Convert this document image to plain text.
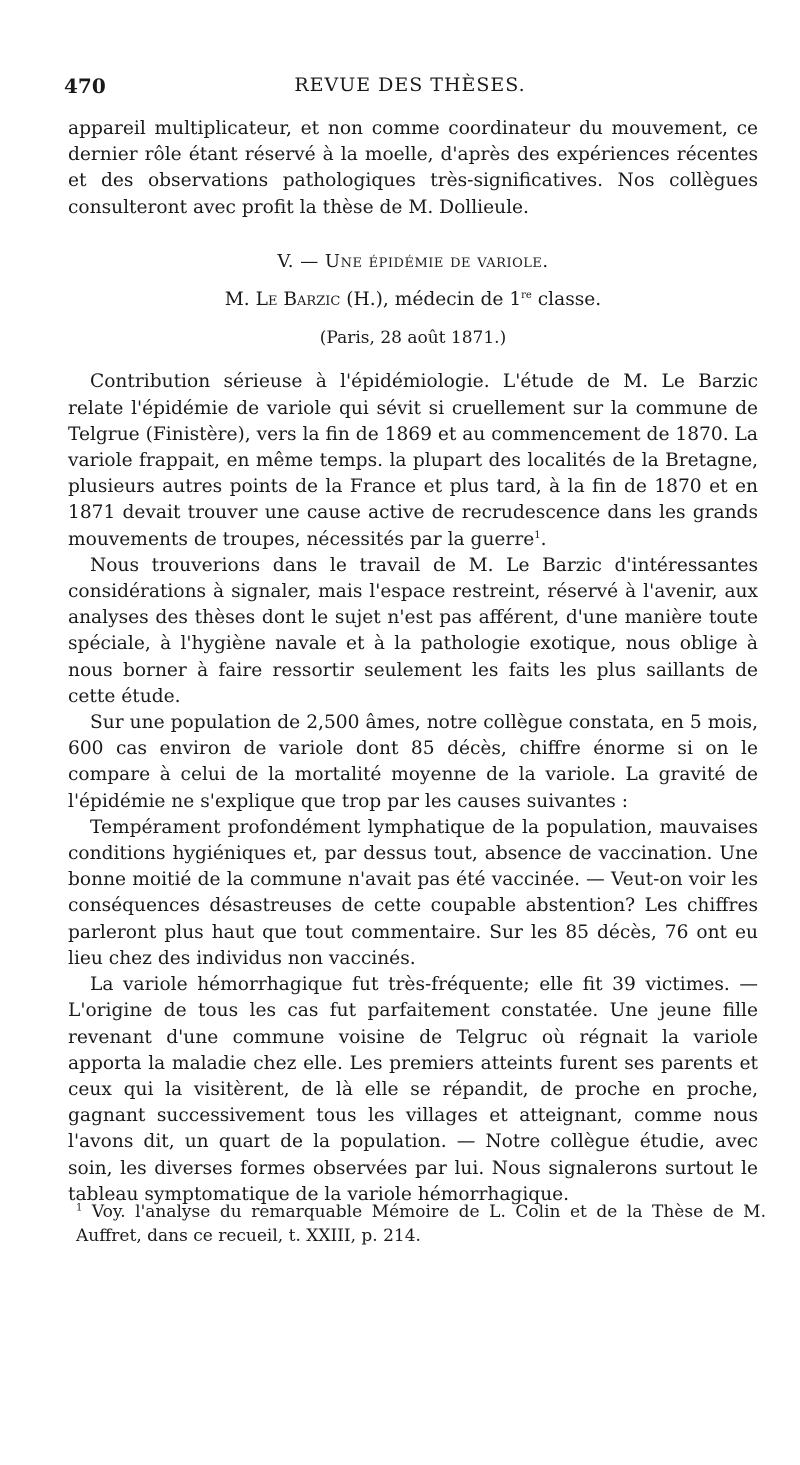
470	REVUE DES THÈSES.

appareil multiplicateur, et non comme coordinateur du mouvement, ce dernier rôle étant réservé à la moelle, d'après des expériences récentes et des observations pathologiques très-significatives. Nos collègues consulteront avec profit la thèse de M. Dollieule.

V. — Une épidémie de variole.

M. Le Barzic (H.), médecin de 1re classe.

(Paris, 28 août 1871.)

Contribution sérieuse à l'épidémiologie. L'étude de M. Le Barzic relate l'épidémie de variole qui sévit si cruellement sur la commune de Telgrue (Finistère), vers la fin de 1869 et au commencement de 1870. La variole frappait, en même temps. la plupart des localités de la Bretagne, plusieurs autres points de la France et plus tard, à la fin de 1870 et en 1871 devait trouver une cause active de recrudescence dans les grands mouvements de troupes, nécessités par la guerre$^1$.

Nous trouverions dans le travail de M. Le Barzic d'intéressantes considérations à signaler, mais l'espace restreint, réservé à l'avenir, aux analyses des thèses dont le sujet n'est pas afférent, d'une manière toute spéciale, à l'hygiène navale et à la pathologie exotique, nous oblige à nous borner à faire ressortir seulement les faits les plus saillants de cette étude.

Sur une population de 2,500 âmes, notre collègue constata, en 5 mois, 600 cas environ de variole dont 85 décès, chiffre énorme si on le compare à celui de la mortalité moyenne de la variole. La gravité de l'épidémie ne s'explique que trop par les causes suivantes :

Tempérament profondément lymphatique de la population, mauvaises conditions hygiéniques et, par dessus tout, absence de vaccination. Une bonne moitié de la commune n'avait pas été vaccinée. — Veut-on voir les conséquences désastreuses de cette coupable abstention? Les chiffres parleront plus haut que tout commentaire. Sur les 85 décès, 76 ont eu lieu chez des individus non vaccinés.

La variole hémorrhagique fut très-fréquente; elle fit 39 victimes. — L'origine de tous les cas fut parfaitement constatée. Une jeune fille revenant d'une commune voisine de Telgruc où régnait la variole apporta la maladie chez elle. Les premiers atteints furent ses parents et ceux qui la visitèrent, de là elle se répandit, de proche en proche, gagnant successivement tous les villages et atteignant, comme nous l'avons dit, un quart de la population. — Notre collègue étudie, avec soin, les diverses formes observées par lui. Nous signalerons surtout le tableau symptomatique de la variole hémorrhagique.

$^1$ Voy. l'analyse du remarquable Mémoire de L. Colin et de la Thèse de M. Auffret, dans ce recueil, t. XXIII, p. 214.
